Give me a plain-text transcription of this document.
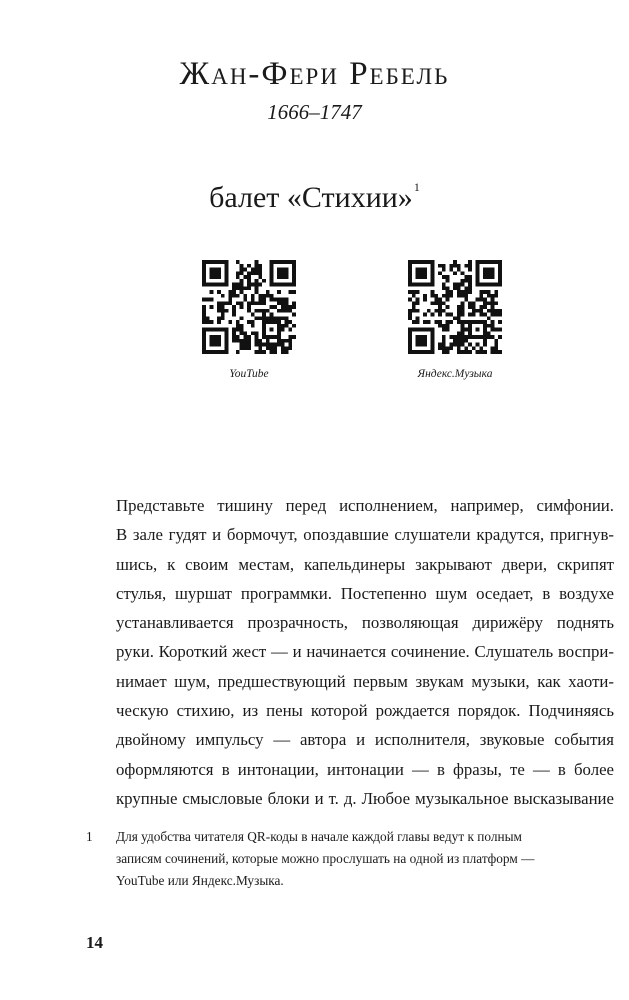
Жан-Фери Ребель
1666–1747
балет «Стихии»$^1$
YouTube	Яндекс.Музыка
Представьте тишину перед исполнением, например, симфонии.
В зале гудят и бормочут, опоздавшие слушатели крадутся, пригнув-
шись, к своим местам, капельдинеры закрывают двери, скрипят
стулья, шуршат программки. Постепенно шум оседает, в воздухе
устанавливается прозрачность, позволяющая дирижёру поднять
руки. Короткий жест — и начинается сочинение. Слушатель воспри-
нимает шум, предшествующий первым звукам музыки, как хаоти-
ческую стихию, из пены которой рождается порядок. Подчиняясь
двойному импульсу — автора и исполнителя, звуковые события
оформляются в интонации, интонации — в фразы, те — в более
крупные смысловые блоки и т. д. Любое музыкальное высказывание
1 Для удобства читателя QR-коды в начале каждой главы ведут к полным
записям сочинений, которые можно прослушать на одной из платформ —
YouTube или Яндекс.Музыка.
14
